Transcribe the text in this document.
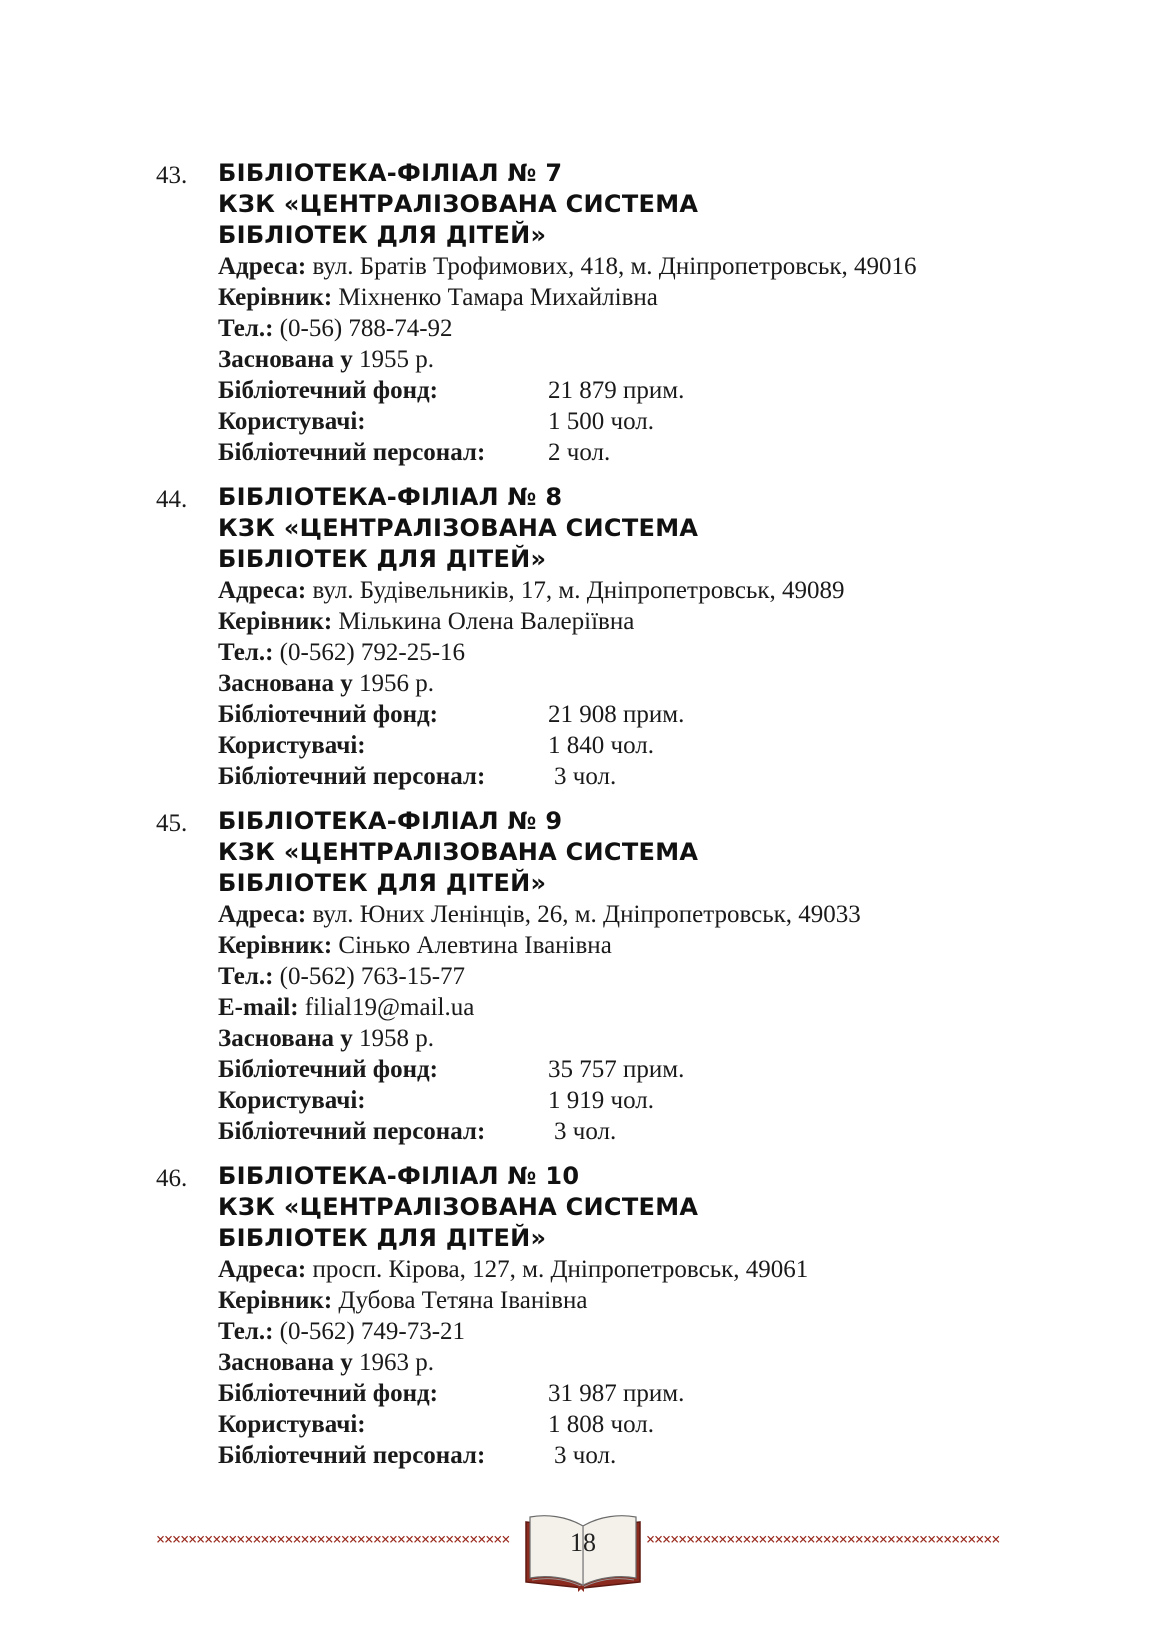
43. БІБЛІОТЕКА-ФІЛІАЛ № 7
КЗК «ЦЕНТРАЛІЗОВАНА СИСТЕМА
БІБЛІОТЕК ДЛЯ ДІТЕЙ»
Адреса: вул. Братів Трофимових, 418, м. Дніпропетровськ, 49016
Керівник: Міхненко Тамара Михайлівна
Тел.: (0-56) 788-74-92
Заснована у 1955 р.
Бібліотечний фонд:	21 879 прим.
Користувачі:	1 500 чол.
Бібліотечний персонал:	2 чол.
44. БІБЛІОТЕКА-ФІЛІАЛ № 8
КЗК «ЦЕНТРАЛІЗОВАНА СИСТЕМА
БІБЛІОТЕК ДЛЯ ДІТЕЙ»
Адреса: вул. Будівельників, 17, м. Дніпропетровськ, 49089
Керівник: Мількина Олена Валеріївна
Тел.: (0-562) 792-25-16
Заснована у 1956 р.
Бібліотечний фонд:	21 908 прим.
Користувачі:	1 840 чол.
Бібліотечний персонал:	3 чол.
45. БІБЛІОТЕКА-ФІЛІАЛ № 9
КЗК «ЦЕНТРАЛІЗОВАНА СИСТЕМА
БІБЛІОТЕК ДЛЯ ДІТЕЙ»
Адреса: вул. Юних Ленінців, 26, м. Дніпропетровськ, 49033
Керівник: Сінько Алевтина Іванівна
Тел.: (0-562) 763-15-77
E-mail: filial19@mail.ua
Заснована у 1958 р.
Бібліотечний фонд:	35 757 прим.
Користувачі:	1 919 чол.
Бібліотечний персонал:	3 чол.
46. БІБЛІОТЕКА-ФІЛІАЛ № 10
КЗК «ЦЕНТРАЛІЗОВАНА СИСТЕМА
БІБЛІОТЕК ДЛЯ ДІТЕЙ»
Адреса: просп. Кірова, 127, м. Дніпропетровськ, 49061
Керівник: Дубова Тетяна Іванівна
Тел.: (0-562) 749-73-21
Заснована у 1963 р.
Бібліотечний фонд:	31 987 прим.
Користувачі:	1 808 чол.
Бібліотечний персонал:	3 чол.
××××××××××××××××××××××××××××××××××××××××××××	18	××××××××××××××××××××××××××××××××××××××××××××
